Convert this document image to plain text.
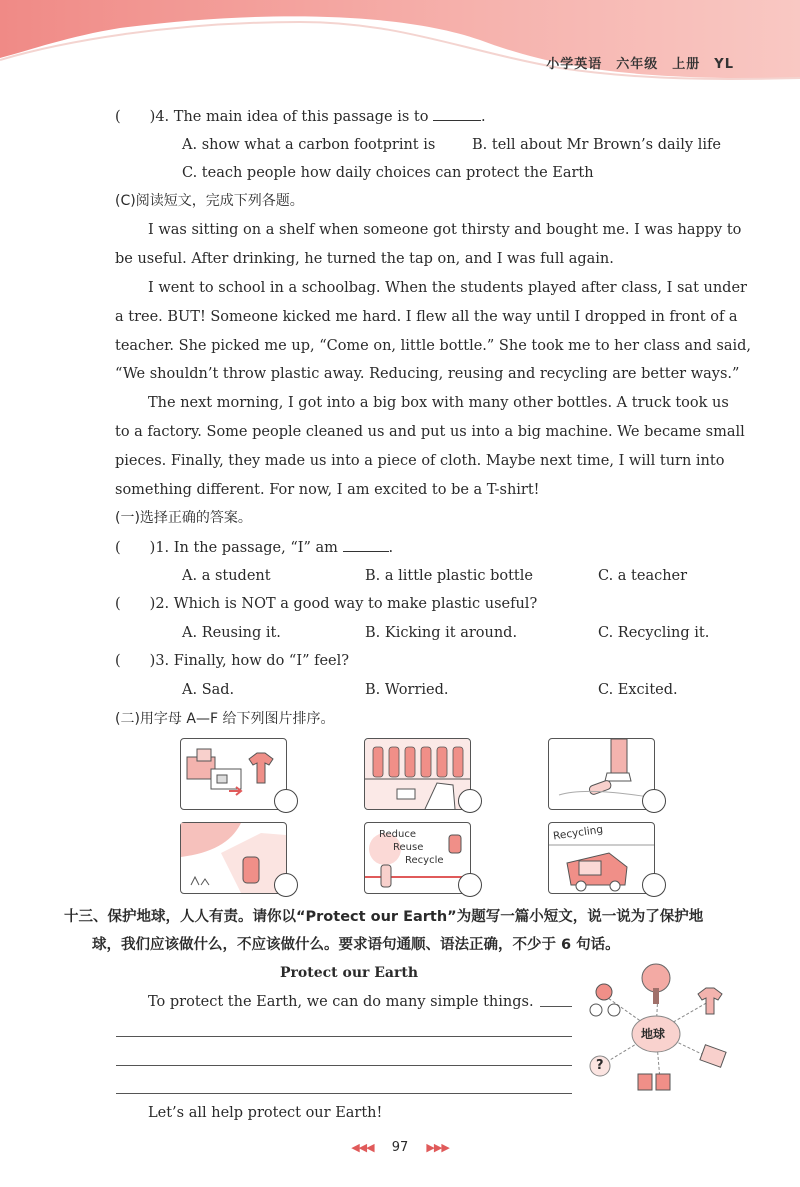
小学英语　六年级　上册　YL
(　　)4. The main idea of this passage is to	.
A. show what a carbon footprint is	B. tell about Mr Brown’s daily life
C. teach people how daily choices can protect the Earth
(C)阅读短文，完成下列各题。
I was sitting on a shelf when someone got thirsty and bought me. I was happy to
be useful. After drinking, he turned the tap on, and I was full again.
I went to school in a schoolbag. When the students played after class, I sat under
a tree. BUT! Someone kicked me hard. I flew all the way until I dropped in front of a
teacher. She picked me up, “Come on, little bottle.” She took me to her class and said,
“We shouldn’t throw plastic away. Reducing, reusing and recycling are better ways.”
The next morning, I got into a big box with many other bottles. A truck took us
to a factory. Some people cleaned us and put us into a big machine. We became small
pieces. Finally, they made us into a piece of cloth. Maybe next time, I will turn into
something different. For now, I am excited to be a T-shirt!
(一)选择正确的答案。
(　　)1. In the passage, “I” am	.
A. a student	B. a little plastic bottle	C. a teacher
(　　)2. Which is NOT a good way to make plastic useful?
A. Reusing it.	B. Kicking it around.	C. Recycling it.
(　　)3. Finally, how do “I” feel?
A. Sad.	B. Worried.	C. Excited.
(二)用字母 A—F 给下列图片排序。
Reduce
Reuse
Recycle
Recycling
十三、保护地球，人人有责。请你以“Protect our Earth”为题写一篇小短文，说一说为了保护地
球，我们应该做什么，不应该做什么。要求语句通顺、语法正确，不少于 6 句话。
Protect our Earth
To protect the Earth, we can do many simple things.
Let’s all help protect our Earth!
地球
?
◀◀◀ 97 ▶▶▶
